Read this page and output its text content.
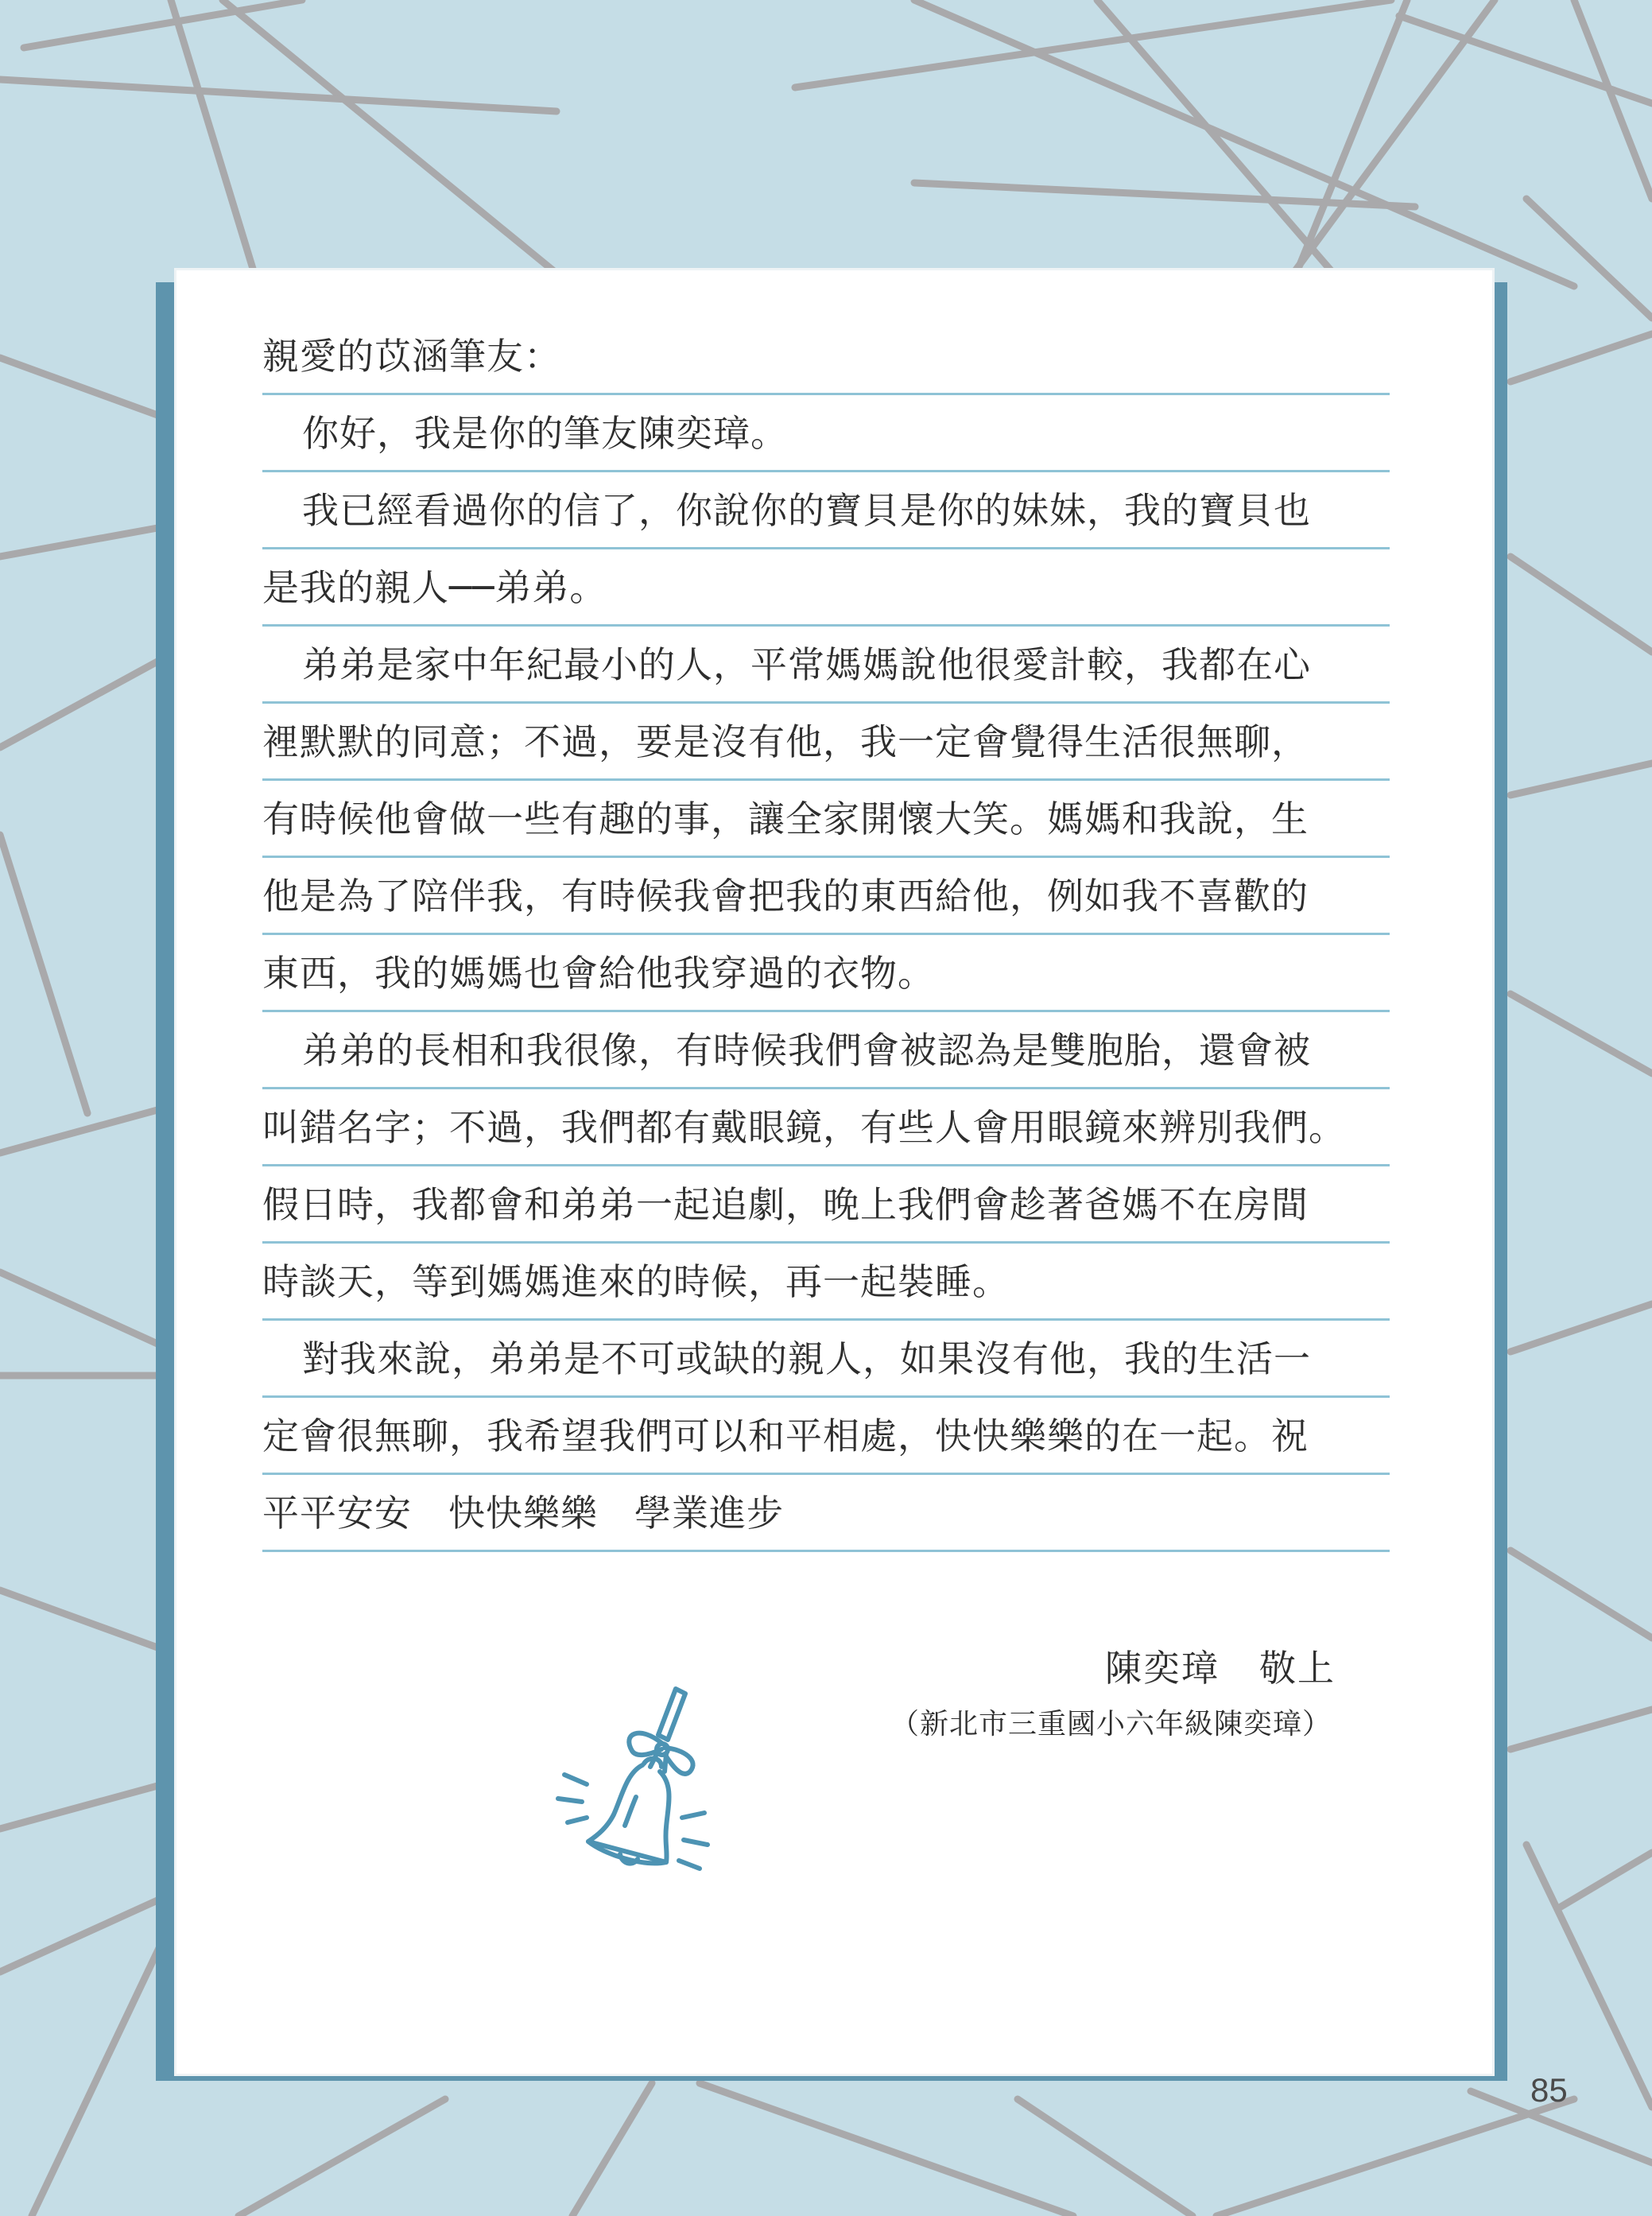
親愛的苡涵筆友：
你好，我是你的筆友陳奕璋。
我已經看過你的信了，你說你的寶貝是你的妹妹，我的寶貝也
是我的親人──弟弟。
弟弟是家中年紀最小的人，平常媽媽說他很愛計較，我都在心
裡默默的同意；不過，要是沒有他，我一定會覺得生活很無聊，
有時候他會做一些有趣的事，讓全家開懷大笑。媽媽和我說，生
他是為了陪伴我，有時候我會把我的東西給他，例如我不喜歡的
東西，我的媽媽也會給他我穿過的衣物。
弟弟的長相和我很像，有時候我們會被認為是雙胞胎，還會被
叫錯名字；不過，我們都有戴眼鏡，有些人會用眼鏡來辨別我們。
假日時，我都會和弟弟一起追劇，晚上我們會趁著爸媽不在房間
時談天，等到媽媽進來的時候，再一起裝睡。
對我來說，弟弟是不可或缺的親人，如果沒有他，我的生活一
定會很無聊，我希望我們可以和平相處，快快樂樂的在一起。祝
平平安安 快快樂樂 學業進步
陳奕璋 敬上
（新北市三重國小六年級陳奕璋）
85
